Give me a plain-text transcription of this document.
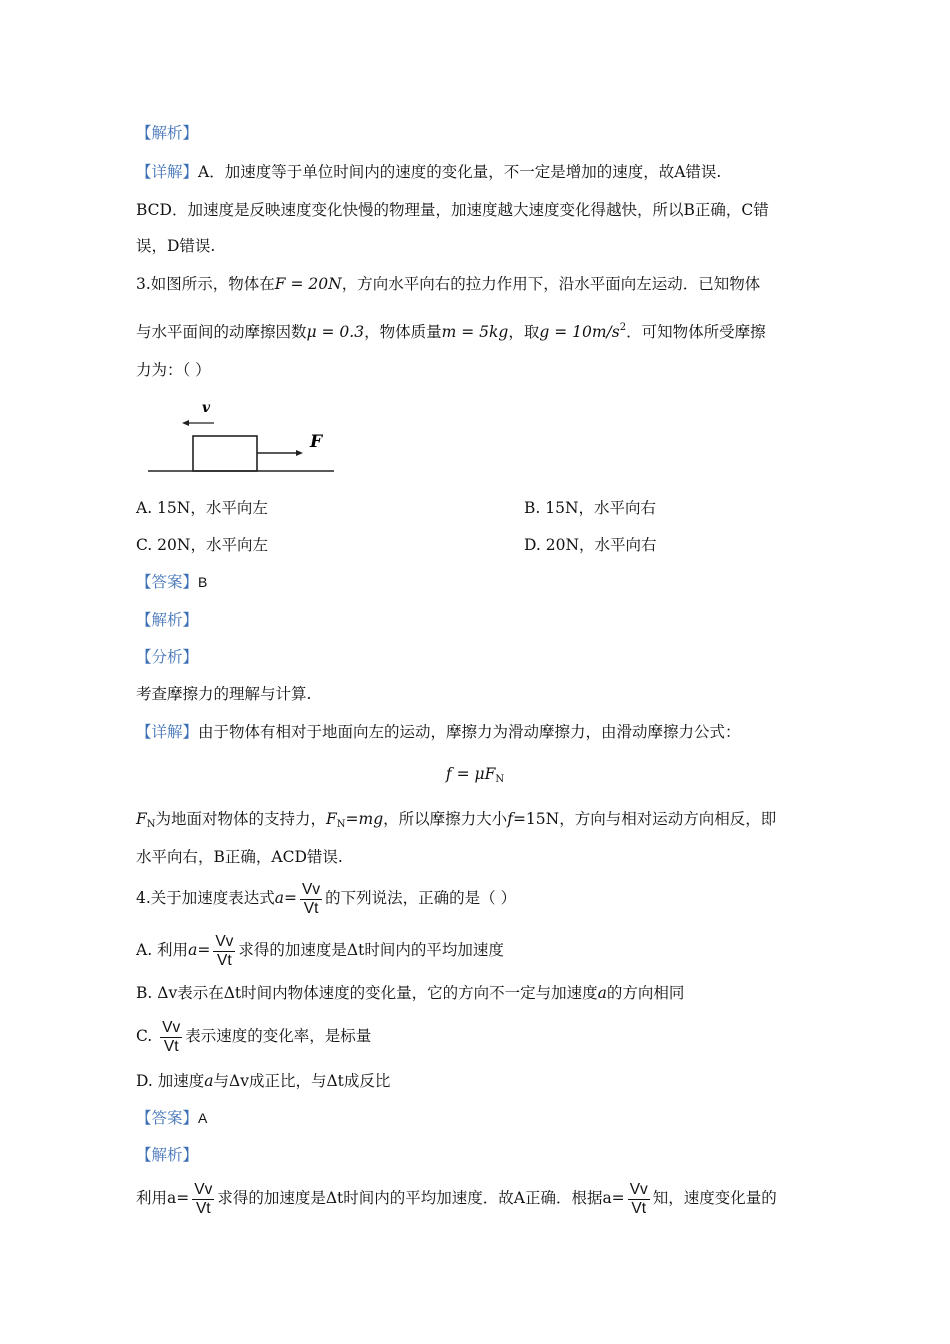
【解析】
【详解】A．加速度等于单位时间内的速度的变化量，不一定是增加的速度，故A错误.
BCD．加速度是反映速度变化快慢的物理量，加速度越大速度变化得越快，所以B正确，C错
误，D错误.
3.如图所示，物体在F = 20N，方向水平向右的拉力作用下，沿水平面向左运动．已知物体
与水平面间的动摩擦因数μ = 0.3，物体质量m = 5kg，取$g = 10m/s^2$．可知物体所受摩擦
力为：（ ）
v
F
A. 15N，水平向左	B. 15N，水平向右
C. 20N，水平向左	D. 20N，水平向右
【答案】B
【解析】
【分析】
考查摩擦力的理解与计算.
【详解】由于物体有相对于地面向左的运动，摩擦力为滑动摩擦力，由滑动摩擦力公式：
$f = \mu F_N$
$F_N$为地面对物体的支持力，$F_N=mg$，所以摩擦力大小f=15N，方向与相对运动方向相反，即
水平向右，B正确，ACD错误.
4.关于加速度表达式$a= \frac{Vv}{Vt}$ 的下列说法，正确的是（ ）
A. 利用$a= \frac{Vv}{Vt}$ 求得的加速度是Δt时间内的平均加速度
B. Δv表示在Δt时间内物体速度的变化量，它的方向不一定与加速度a的方向相同
C. $\frac{Vv}{Vt}$ 表示速度的变化率，是标量
D. 加速度a与Δv成正比，与Δt成反比
【答案】A
【解析】
利用$a= \frac{Vv}{Vt}$ 求得的加速度是Δt时间内的平均加速度．故A正确．根据$a= \frac{Vv}{Vt}$ 知，速度变化量的
